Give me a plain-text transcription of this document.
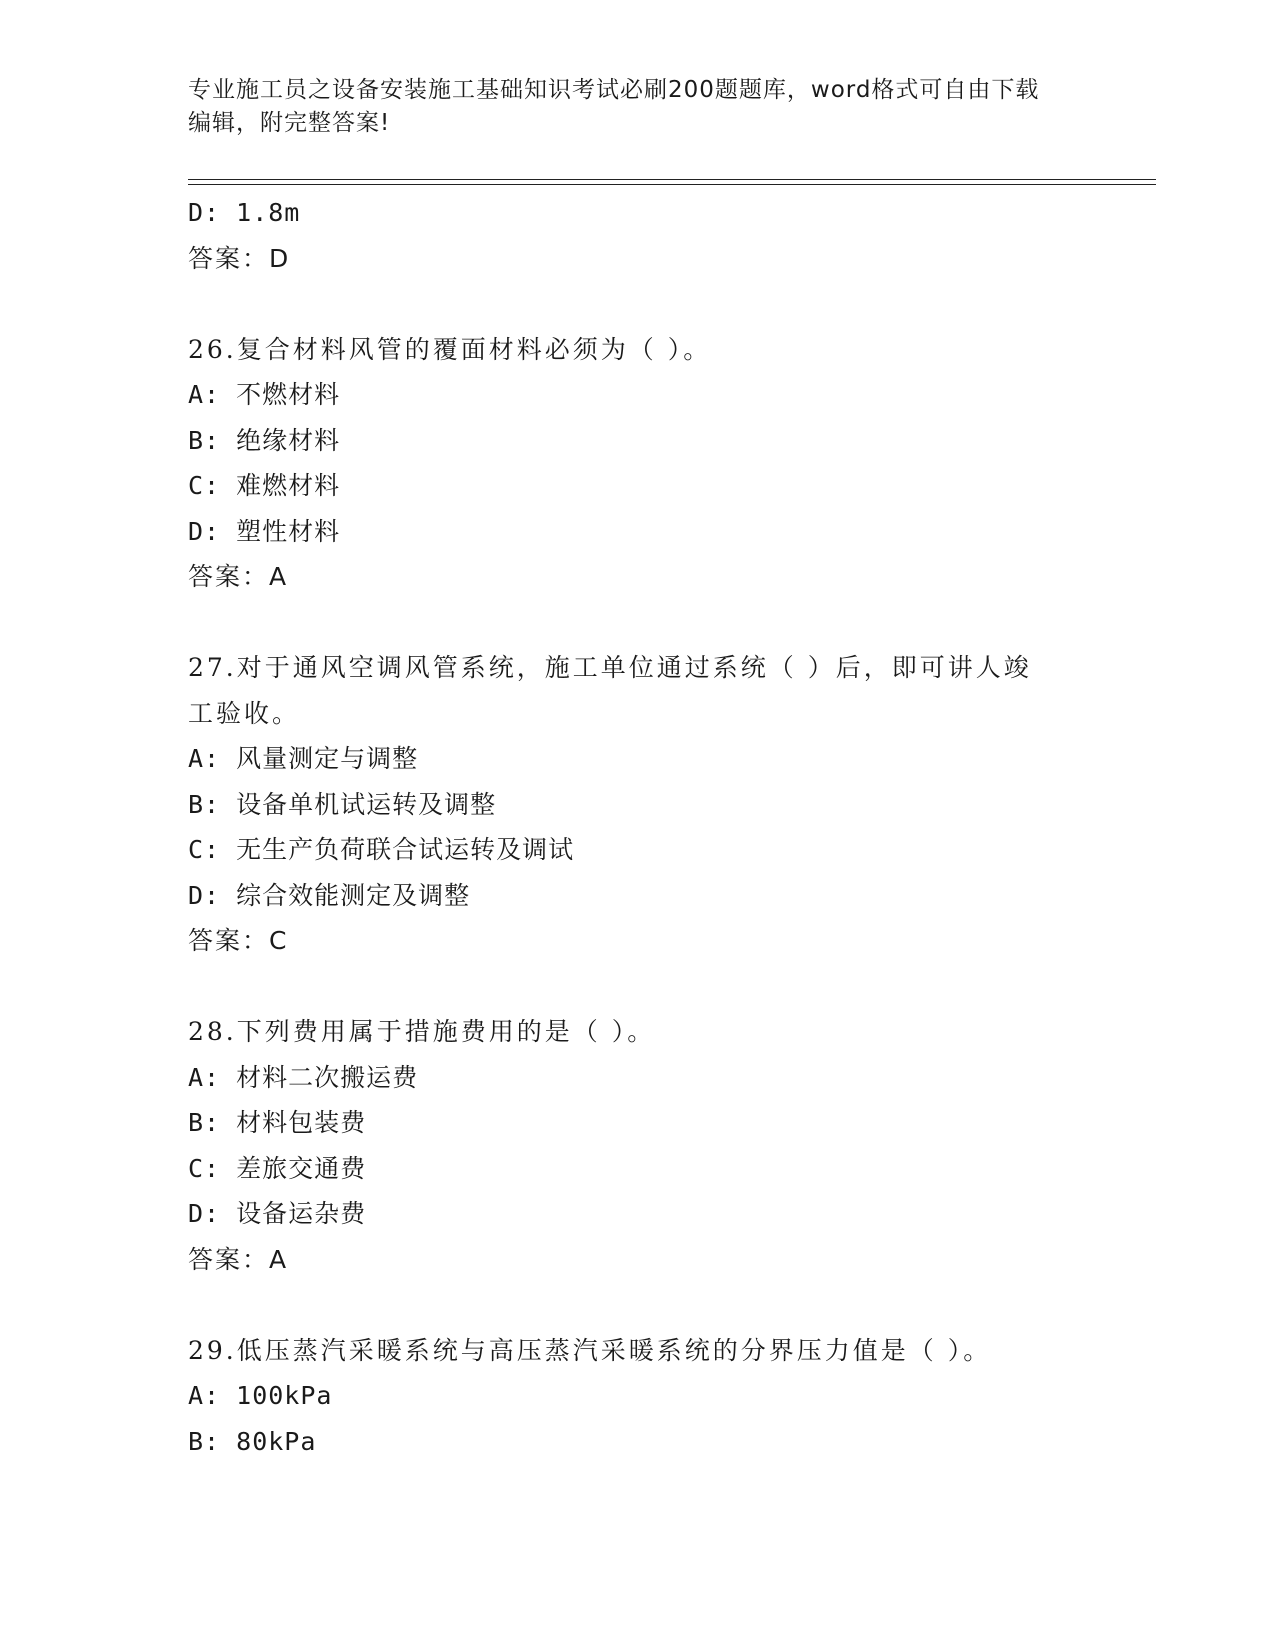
专业施工员之设备安装施工基础知识考试必刷200题题库，word格式可自由下载
编辑，附完整答案!
D: 1.8m
答案：D
26.复合材料风管的覆面材料必须为（ ）。
A: 不燃材料
B: 绝缘材料
C: 难燃材料
D: 塑性材料
答案：A
27.对于通风空调风管系统，施工单位通过系统（ ）后，即可讲人竣
工验收。
A: 风量测定与调整
B: 设备单机试运转及调整
C: 无生产负荷联合试运转及调试
D: 综合效能测定及调整
答案：C
28.下列费用属于措施费用的是（ ）。
A: 材料二次搬运费
B: 材料包装费
C: 差旅交通费
D: 设备运杂费
答案：A
29.低压蒸汽采暖系统与高压蒸汽采暖系统的分界压力值是（ ）。
A: 100kPa
B: 80kPa
